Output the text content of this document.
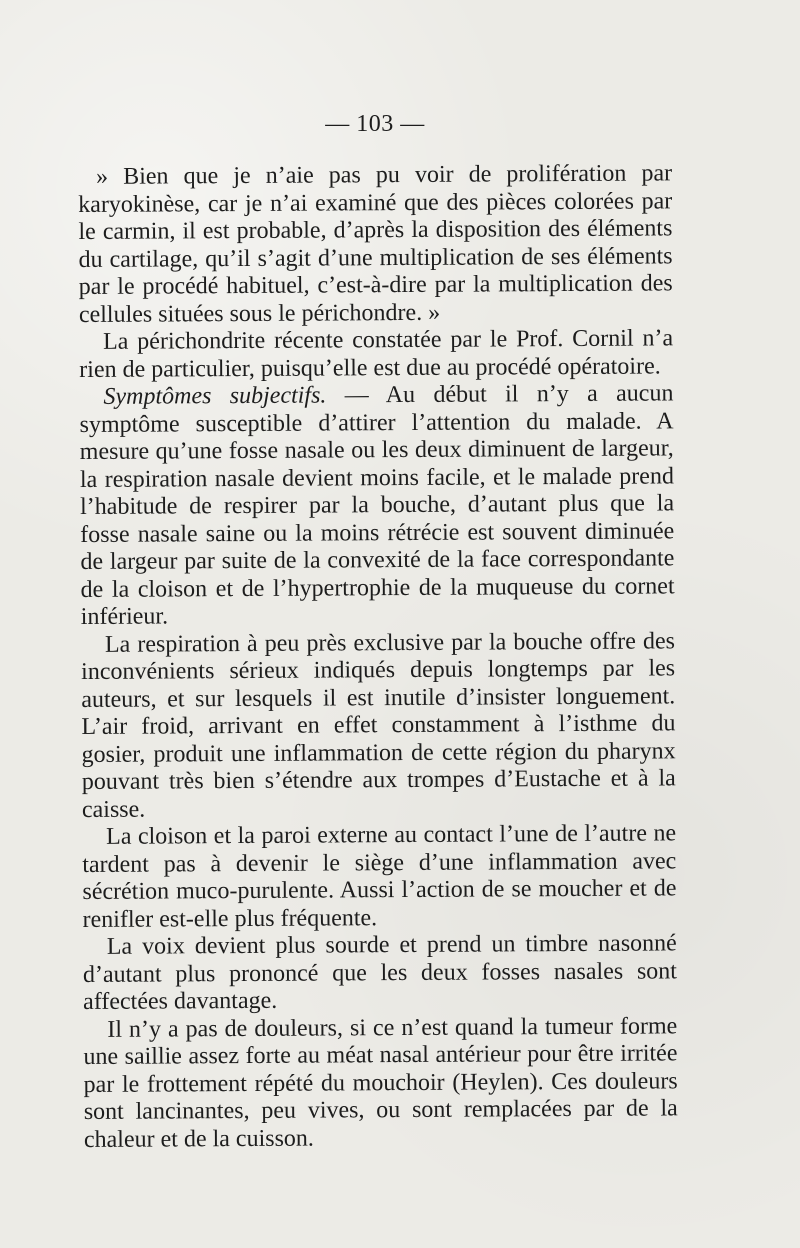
— 103 —

» Bien que je n’aie pas pu voir de prolifération par karyokinèse, car je n’ai examiné que des pièces colorées par le carmin, il est probable, d’après la disposition des éléments du cartilage, qu’il s’agit d’une multiplication de ses éléments par le procédé habituel, c’est-à-dire par la multiplication des cellules situées sous le périchondre. »

La périchondrite récente constatée par le Prof. Cornil n’a rien de particulier, puisqu’elle est due au procédé opératoire.

Symptômes subjectifs. — Au début il n’y a aucun symptôme susceptible d’attirer l’attention du malade. A mesure qu’une fosse nasale ou les deux diminuent de largeur, la respiration nasale devient moins facile, et le malade prend l’habitude de respirer par la bouche, d’autant plus que la fosse nasale saine ou la moins rétrécie est souvent diminuée de largeur par suite de la convexité de la face correspondante de la cloison et de l’hypertrophie de la muqueuse du cornet inférieur.

La respiration à peu près exclusive par la bouche offre des inconvénients sérieux indiqués depuis longtemps par les auteurs, et sur lesquels il est inutile d’insister longuement. L’air froid, arrivant en effet constamment à l’isthme du gosier, produit une inflammation de cette région du pharynx pouvant très bien s’étendre aux trompes d’Eustache et à la caisse.

La cloison et la paroi externe au contact l’une de l’autre ne tardent pas à devenir le siège d’une inflammation avec sécrétion muco-purulente. Aussi l’action de se moucher et de renifler est-elle plus fréquente.

La voix devient plus sourde et prend un timbre nasonné d’autant plus prononcé que les deux fosses nasales sont affectées davantage.

Il n’y a pas de douleurs, si ce n’est quand la tumeur forme une saillie assez forte au méat nasal antérieur pour être irritée par le frottement répété du mouchoir (Heylen). Ces douleurs sont lancinantes, peu vives, ou sont remplacées par de la chaleur et de la cuisson.
